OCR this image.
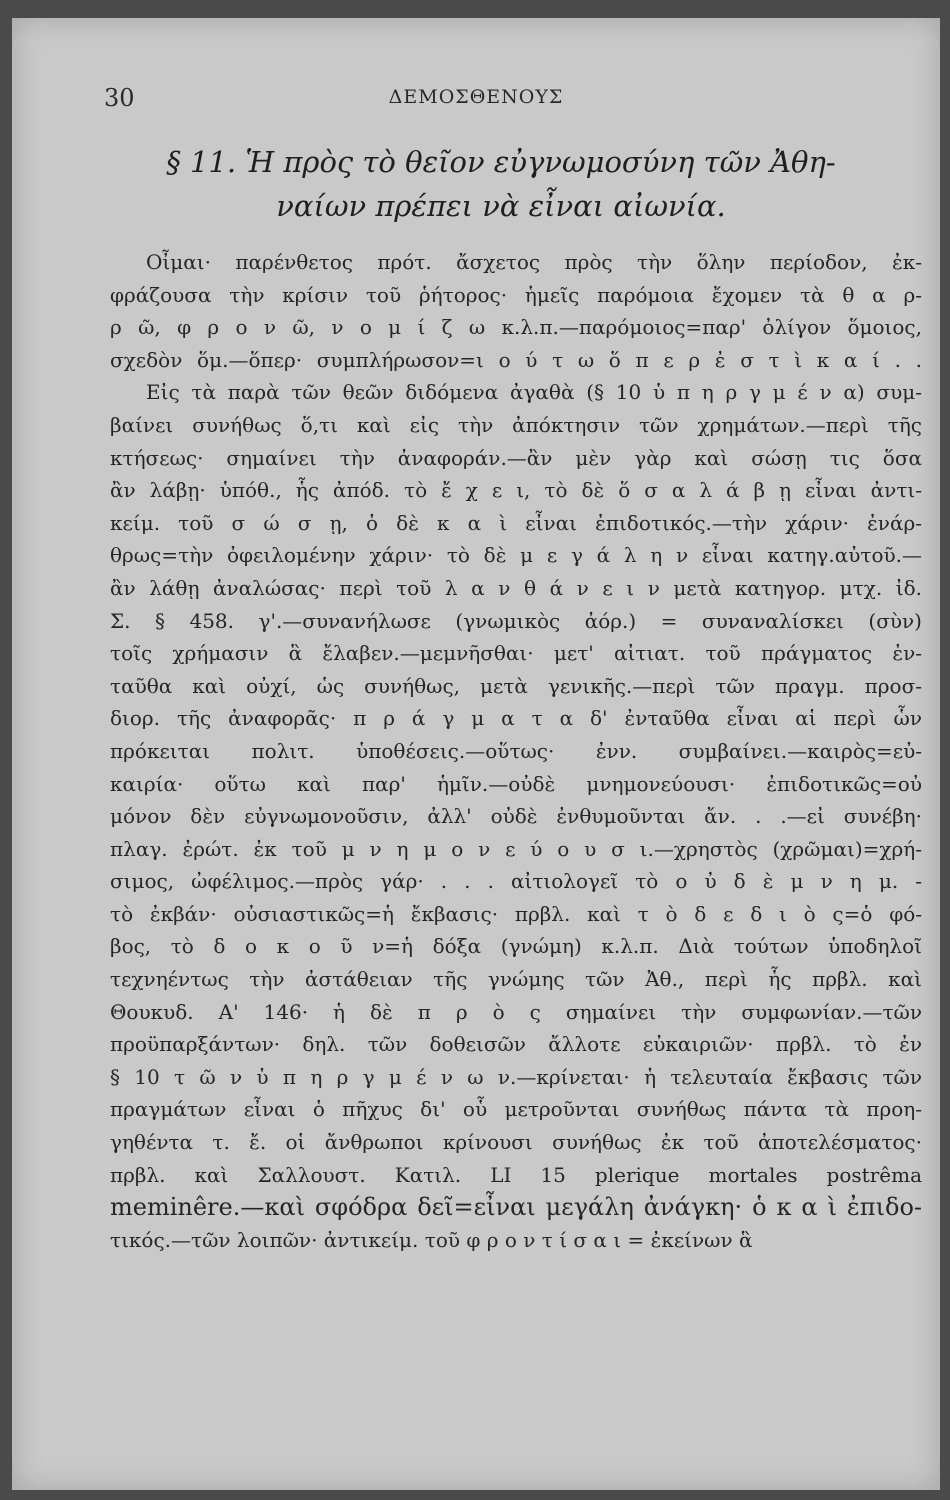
30	ΔΕΜΟΣΘΕΝΟΥΣ
§ 11. Ἡ πρὸς τὸ θεῖον εὐγνωμοσύνη τῶν Ἀθη-
ναίων πρέπει νὰ εἶναι αἰωνία.
Οἶμαι· παρένθετος πρότ. ἄσχετος πρὸς τὴν ὅλην περίοδον, ἐκ-
φράζουσα τὴν κρίσιν τοῦ ῥήτορος· ἡμεῖς παρόμοια ἔχομεν τὰ θ α ρ-
ρ ῶ, φ ρ ο ν ῶ, ν ο μ ί ζ ω κ.λ.π.—παρόμοιος=παρ' ὀλίγον ὅμοιος,
σχεδὸν ὅμ.—ὅπερ· συμπλήρωσον=ι ο ύ τ ω ὅ π ε ρ ἐ σ τ ὶ κ α ί . .
Εἰς τὰ παρὰ τῶν θεῶν διδόμενα ἀγαθὰ (§ 10 ὑ π η ρ γ μ έ ν α) συμ-
βαίνει συνήθως ὅ,τι καὶ εἰς τὴν ἀπόκτησιν τῶν χρημάτων.—περὶ τῆς
κτήσεως· σημαίνει τὴν ἀναφοράν.—ἂν μὲν γὰρ καὶ σώσῃ τις ὅσα
ἂν λάβῃ· ὑπόθ., ἧς ἀπόδ. τὸ ἔ χ ε ι, τὸ δὲ ὅ σ α λ ά β ῃ εἶναι ἀντι-
κείμ. τοῦ σ ώ σ ῃ, ὁ δὲ κ α ὶ εἶναι ἐπιδοτικός.—τὴν χάριν· ἐνάρ-
θρως=τὴν ὀφειλομένην χάριν· τὸ δὲ μ ε γ ά λ η ν εἶναι κατηγ.αὐτοῦ.—
ἂν λάθῃ ἀναλώσας· περὶ τοῦ λ α ν θ ά ν ε ι ν μετὰ κατηγορ. μτχ. ἰδ.
Σ. § 458. γ'.—συνανήλωσε (γνωμικὸς ἀόρ.) = συναναλίσκει (σὺν)
τοῖς χρήμασιν ἃ ἔλαβεν.—μεμνῆσθαι· μετ' αἰτιατ. τοῦ πράγματος ἐν-
ταῦθα καὶ οὐχί, ὡς συνήθως, μετὰ γενικῆς.—περὶ τῶν πραγμ. προσ-
διορ. τῆς ἀναφορᾶς· π ρ ά γ μ α τ α δ' ἐνταῦθα εἶναι αἱ περὶ ὧν
πρόκειται πολιτ. ὑποθέσεις.—οὕτως· ἐνν. συμβαίνει.—καιρὸς=εὐ-
καιρία· οὕτω καὶ παρ' ἡμῖν.—οὐδὲ μνημονεύουσι· ἐπιδοτικῶς=οὐ
μόνον δὲν εὐγνωμονοῦσιν, ἀλλ' οὐδὲ ἐνθυμοῦνται ἄν. . .—εἰ συνέβη·
πλαγ. ἐρώτ. ἐκ τοῦ μ ν η μ ο ν ε ύ ο υ σ ι.—χρηστὸς (χρῶμαι)=χρή-
σιμος, ὠφέλιμος.—πρὸς γάρ· . . . αἰτιολογεῖ τὸ ο ὐ δ ὲ μ ν η μ. -
τὸ ἐκβάν· οὐσιαστικῶς=ἡ ἔκβασις· πρβλ. καὶ τ ὸ δ ε δ ι ὸ ς=ὁ φό-
βος, τὸ δ ο κ ο ῦ ν=ἡ δόξα (γνώμη) κ.λ.π. Διὰ τούτων ὑποδηλοῖ
τεχνηέντως τὴν ἀστάθειαν τῆς γνώμης τῶν Ἀθ., περὶ ἧς πρβλ. καὶ
Θουκυδ. Α' 146· ἡ δὲ π ρ ὸ ς σημαίνει τὴν συμφωνίαν.—τῶν
προϋπαρξάντων· δηλ. τῶν δοθεισῶν ἄλλοτε εὐκαιριῶν· πρβλ. τὸ ἐν
§ 10 τ ῶ ν ὑ π η ρ γ μ έ ν ω ν.—κρίνεται· ἡ τελευταία ἔκβασις τῶν
πραγμάτων εἶναι ὁ πῆχυς δι' οὗ μετροῦνται συνήθως πάντα τὰ προη-
γηθέντα τ. ἔ. οἱ ἄνθρωποι κρίνουσι συνήθως ἐκ τοῦ ἀποτελέσματος·
πρβλ. καὶ Σαλλουστ. Κατιλ. LI 15 plerique mortales postrêma
meminêre.—καὶ σφόδρα δεῖ=εἶναι μεγάλη ἀνάγκη· ὁ κ α ὶ ἐπιδο-
τικός.—τῶν λοιπῶν· ἀντικείμ. τοῦ φ ρ ο ν τ ί σ α ι = ἐκείνων ἃ
